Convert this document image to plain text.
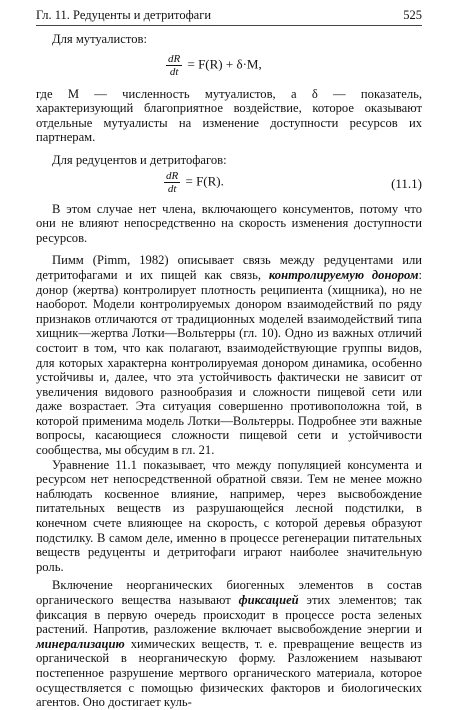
Гл. 11. Редуценты и детритофаги	525

Для мутуалистов:

$\frac{dR}{dt} = F(R) + \delta\cdot M$,

где M — численность мутуалистов, а δ — показатель, характеризующий благоприятное воздействие, которое оказывают отдельные мутуалисты на изменение доступности ресурсов их партнерам.

Для редуцентов и детритофагов:

$\frac{dR}{dt} = F(R)$.	(11.1)

В этом случае нет члена, включающего консументов, потому что они не влияют непосредственно на скорость изменения доступности ресурсов.

Пимм (Pimm, 1982) описывает связь между редуцентами или детритофагами и их пищей как связь, контролируемую донором: донор (жертва) контролирует плотность реципиента (хищника), но не наоборот. Модели контролируемых донором взаимодействий по ряду признаков отличаются от традиционных моделей взаимодействий типа хищник—жертва Лотки—Вольтерры (гл. 10). Одно из важных отличий состоит в том, что как полагают, взаимодействующие группы видов, для которых характерна контролируемая донором динамика, особенно устойчивы и, далее, что эта устойчивость фактически не зависит от увеличения видового разнообразия и сложности пищевой сети или даже возрастает. Эта ситуация совершенно противоположна той, в которой применима модель Лотки—Вольтерры. Подробнее эти важные вопросы, касающиеся сложности пищевой сети и устойчивости сообщества, мы обсудим в гл. 21.

Уравнение 11.1 показывает, что между популяцией консумента и ресурсом нет непосредственной обратной связи. Тем не менее можно наблюдать косвенное влияние, например, через высвобождение питательных веществ из разрушающейся лесной подстилки, в конечном счете влияющее на скорость, с которой деревья образуют подстилку. В самом деле, именно в процессе регенерации питательных веществ редуценты и детритофаги играют наиболее значительную роль.

Включение неорганических биогенных элементов в состав органического вещества называют фиксацией этих элементов; так фиксация в первую очередь происходит в процессе роста зеленых растений. Напротив, разложение включает высвобождение энергии и минерализацию химических веществ, т. е. превращение веществ из органической в неорганическую форму. Разложением называют постепенное разрушение мертвого органического материала, которое осуществляется с помощью физических факторов и биологических агентов. Оно достигает куль-
